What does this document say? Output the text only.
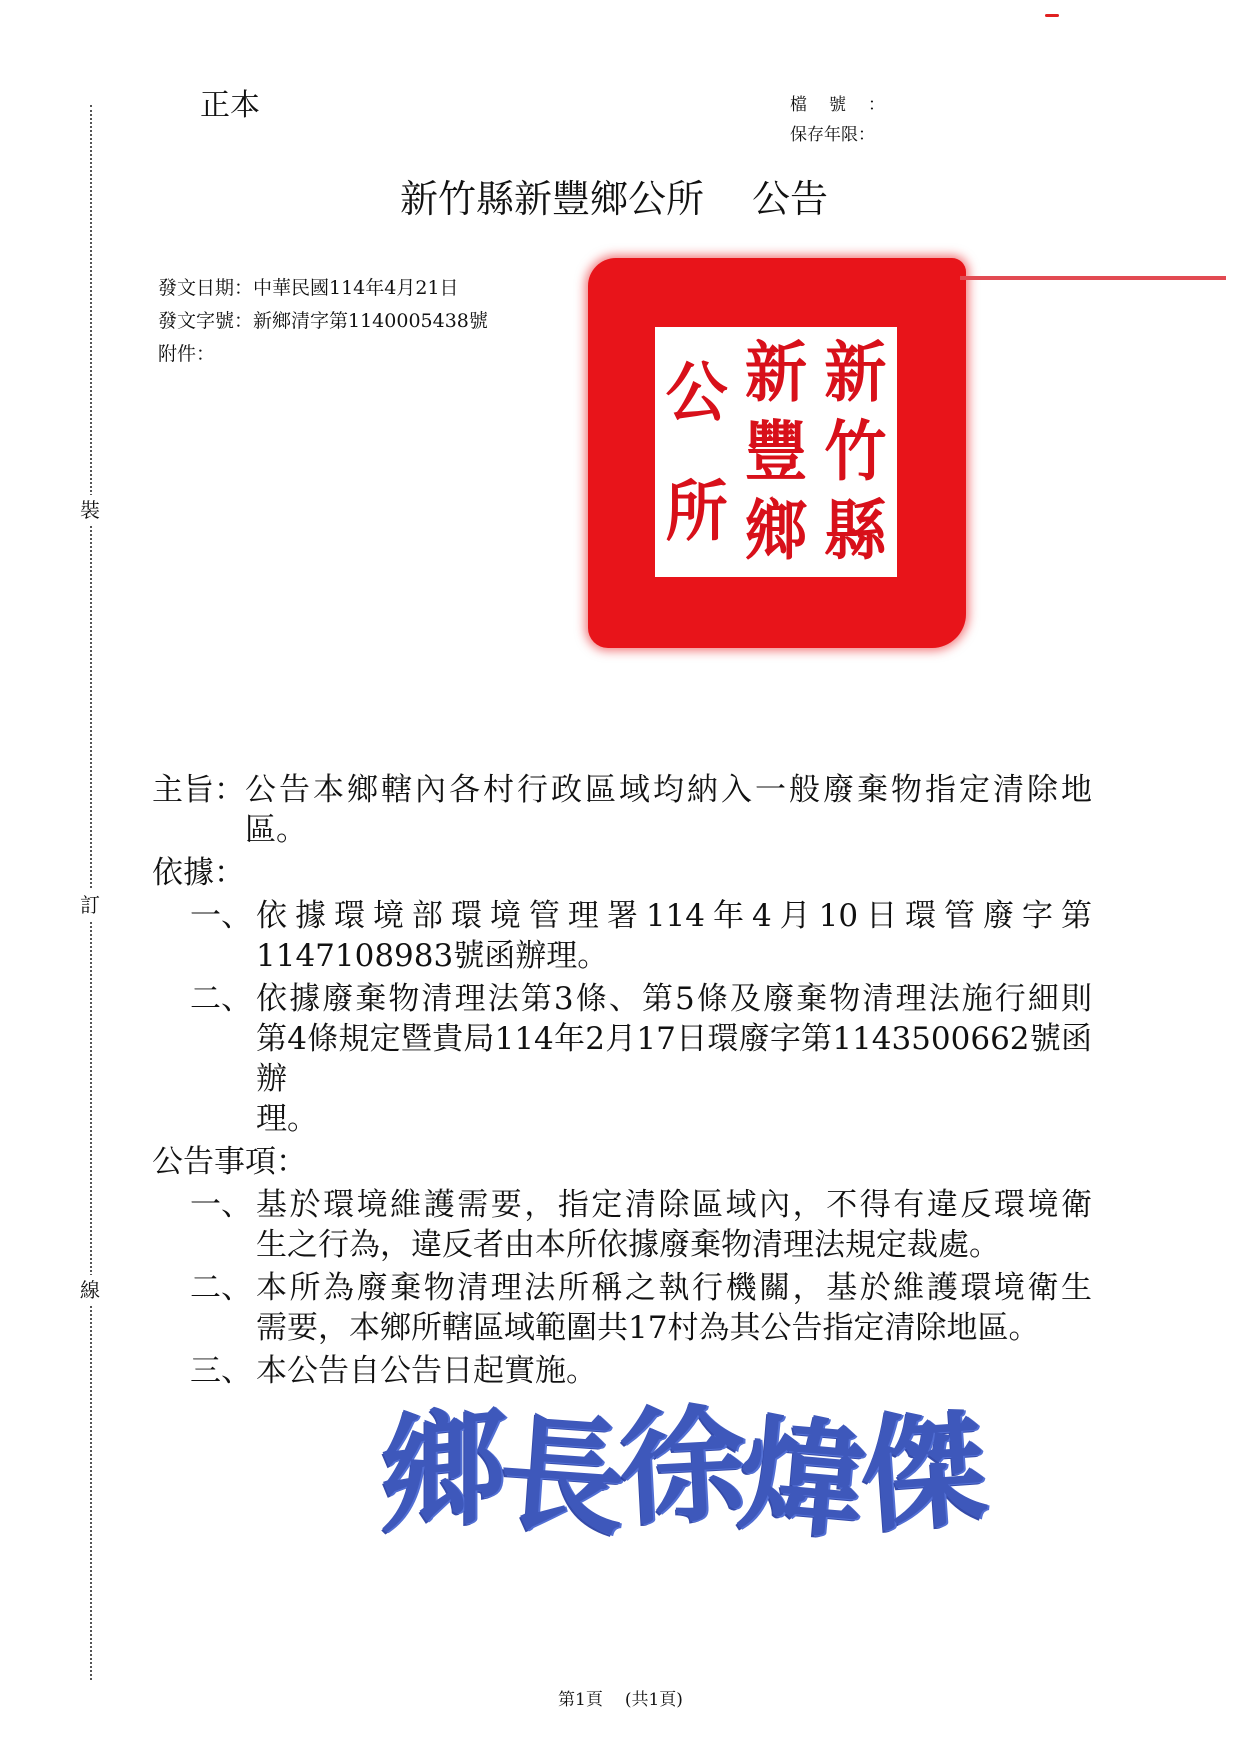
裝
訂
線
正本	檔號：
保存年限：
新竹縣新豐鄉公所 公告
發文日期：中華民國114年4月21日
發文字號：新鄉清字第1140005438號
附件：	新
竹
縣
新
豐
鄉
公
所
主旨： 公告本鄉轄內各村行政區域均納入一般廢棄物指定清除地
區。
依據：
一、 依據環境部環境管理署114年4月10日環管廢字第

1147108983號函辦理。

二、 依據廢棄物清理法第3條、第5條及廢棄物清理法施行細則

第4條規定暨貴局114年2月17日環廢字第1143500662號函辦

理。

公告事項：
一、 基於環境維護需要，指定清除區域內，不得有違反環境衛

生之行為，違反者由本所依據廢棄物清理法規定裁處。

二、 本所為廢棄物清理法所稱之執行機關，基於維護環境衛生

需要，本鄉所轄區域範圍共17村為其公告指定清除地區。

三、 本公告自公告日起實施。

鄉
長
徐
煒
傑
第1頁 (共1頁)
